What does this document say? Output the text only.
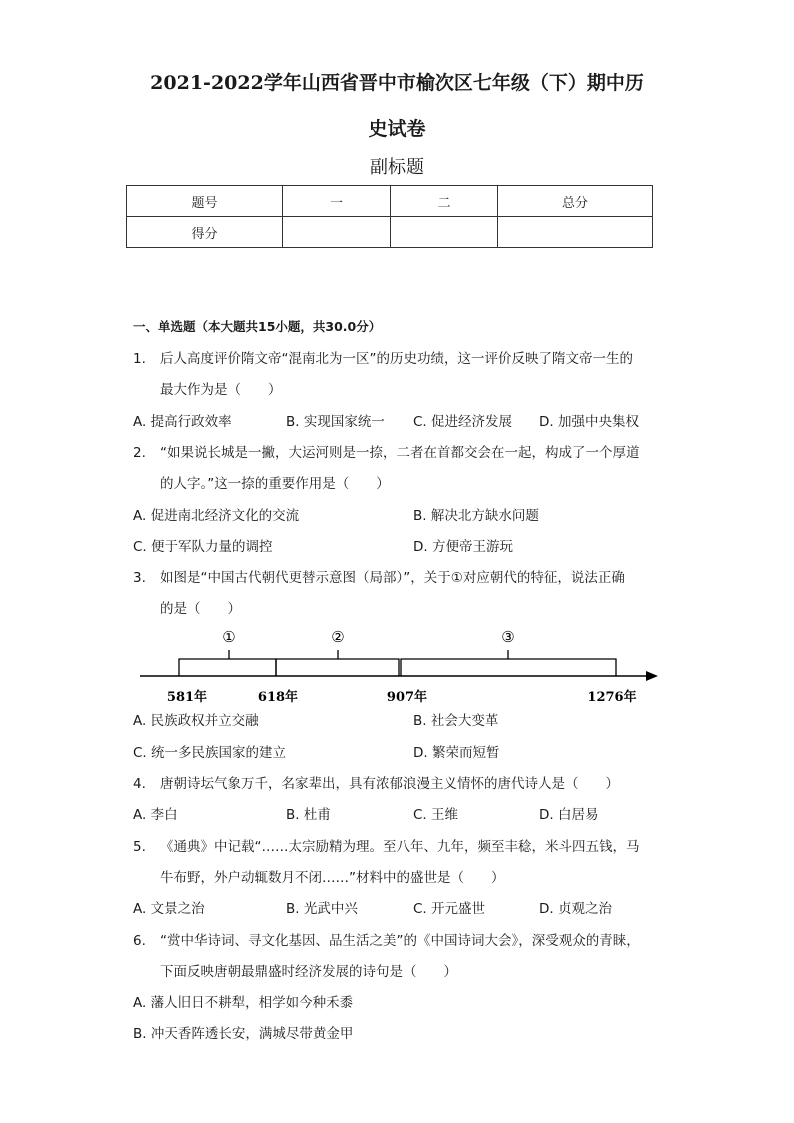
2021-2022学年山西省晋中市榆次区七年级（下）期中历
史试卷
副标题
题号	一	二	总分
得分			
一、单选题（本大题共15小题，共30.0分）
1. 后人高度评价隋文帝“混南北为一区”的历史功绩，这一评价反映了隋文帝一生的
最大作为是（　　）
A. 提高行政效率	B. 实现国家统一 C. 促进经济发展 D. 加强中央集权
2. “如果说长城是一撇，大运河则是一捺，二者在首都交会在一起，构成了一个厚道
的人字。”这一捺的重要作用是（　　）
A. 促进南北经济文化的交流	B. 解决北方缺水问题
C. 便于军队力量的调控	D. 方便帝王游玩
3. 如图是“中国古代朝代更替示意图（局部）”，关于①对应朝代的特征，说法正确
的是（　　）
①	②	③
581年	618年	907年	1276年
A. 民族政权并立交融	B. 社会大变革
C. 统一多民族国家的建立	D. 繁荣而短暂
4. 唐朝诗坛气象万千，名家辈出，具有浓郁浪漫主义情怀的唐代诗人是（　　）
A. 李白	B. 杜甫	C. 王维	D. 白居易
5. 《通典》中记载“……太宗励精为理。至八年、九年，频至丰稔，米斗四五钱，马
牛布野，外户动辄数月不闭……”材料中的盛世是（　　）
A. 文景之治	B. 光武中兴	C. 开元盛世	D. 贞观之治
6. “赏中华诗词、寻文化基因、品生活之美”的《中国诗词大会》，深受观众的青睐，
下面反映唐朝最鼎盛时经济发展的诗句是（　　）
A. 藩人旧日不耕犁，相学如今种禾黍
B. 冲天香阵透长安，满城尽带黄金甲
